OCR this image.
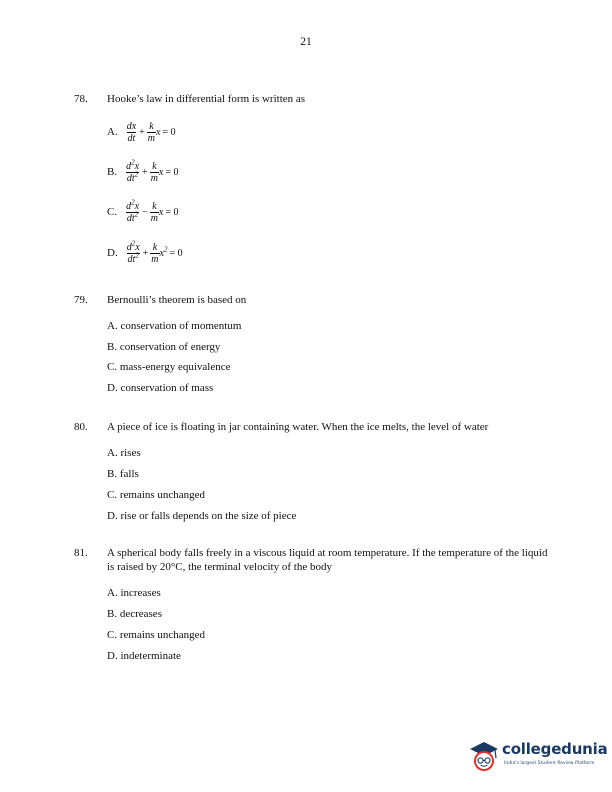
21
78. Hooke’s law in differential form is written as
A. $\frac{dx}{dt} + \frac{k}{m}$ x = 0
B. $\frac{d^2x}{dt^2} + \frac{k}{m}$ x = 0
C. $\frac{d^2x}{dt^2} - \frac{k}{m}$ x = 0
D. $\frac{d^2x}{dt^2} + \frac{k}{m} x^2 = 0$
79. Bernoulli’s theorem is based on
A. conservation of momentum
B. conservation of energy
C. mass-energy equivalence
D. conservation of mass
80. A piece of ice is floating in jar containing water. When the ice melts, the level of water
A. rises
B. falls
C. remains unchanged
D. rise or falls depends on the size of piece
81. A spherical body falls freely in a viscous liquid at room temperature. If the temperature of the liquid is raised by 20°C, the terminal velocity of the body
A. increases
B. decreases
C. remains unchanged
D. indeterminate
collegedunia
India's largest Student Review Platform
